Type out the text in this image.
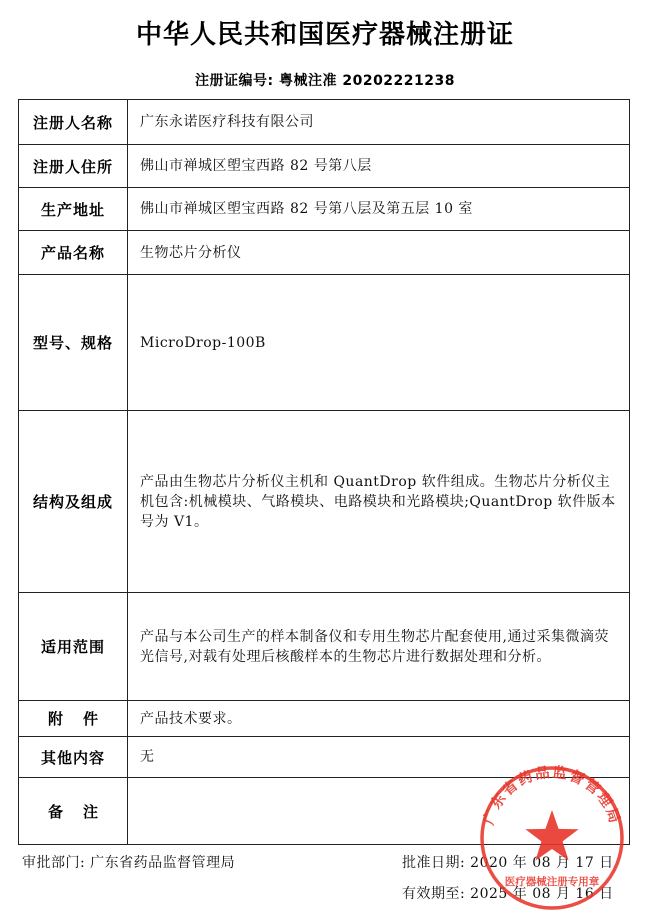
中华人民共和国医疗器械注册证
注册证编号: 粤械注准 20202221238
注册人名称	广东永诺医疗科技有限公司
注册人住所	佛山市禅城区塱宝西路 82 号第八层
生产地址	佛山市禅城区塱宝西路 82 号第八层及第五层 10 室
产品名称	生物芯片分析仪
型号、规格	MicroDrop-100B
结构及组成	产品由生物芯片分析仪主机和 QuantDrop 软件组成。生物芯片分析仪主机包含:机械模块、气路模块、电路模块和光路模块;QuantDrop 软件版本号为 V1。
适用范围	产品与本公司生产的样本制备仪和专用生物芯片配套使用,通过采集微滴荧光信号,对载有处理后核酸样本的生物芯片进行数据处理和分析。
附件	产品技术要求。
其他内容	无
备注	
审批部门: 广东省药品监督管理局	批准日期: 2020 年 08 月 17 日
有效期至: 2025 年 08 月 16 日
广东省药品监督管理局
医疗器械注册专用章
